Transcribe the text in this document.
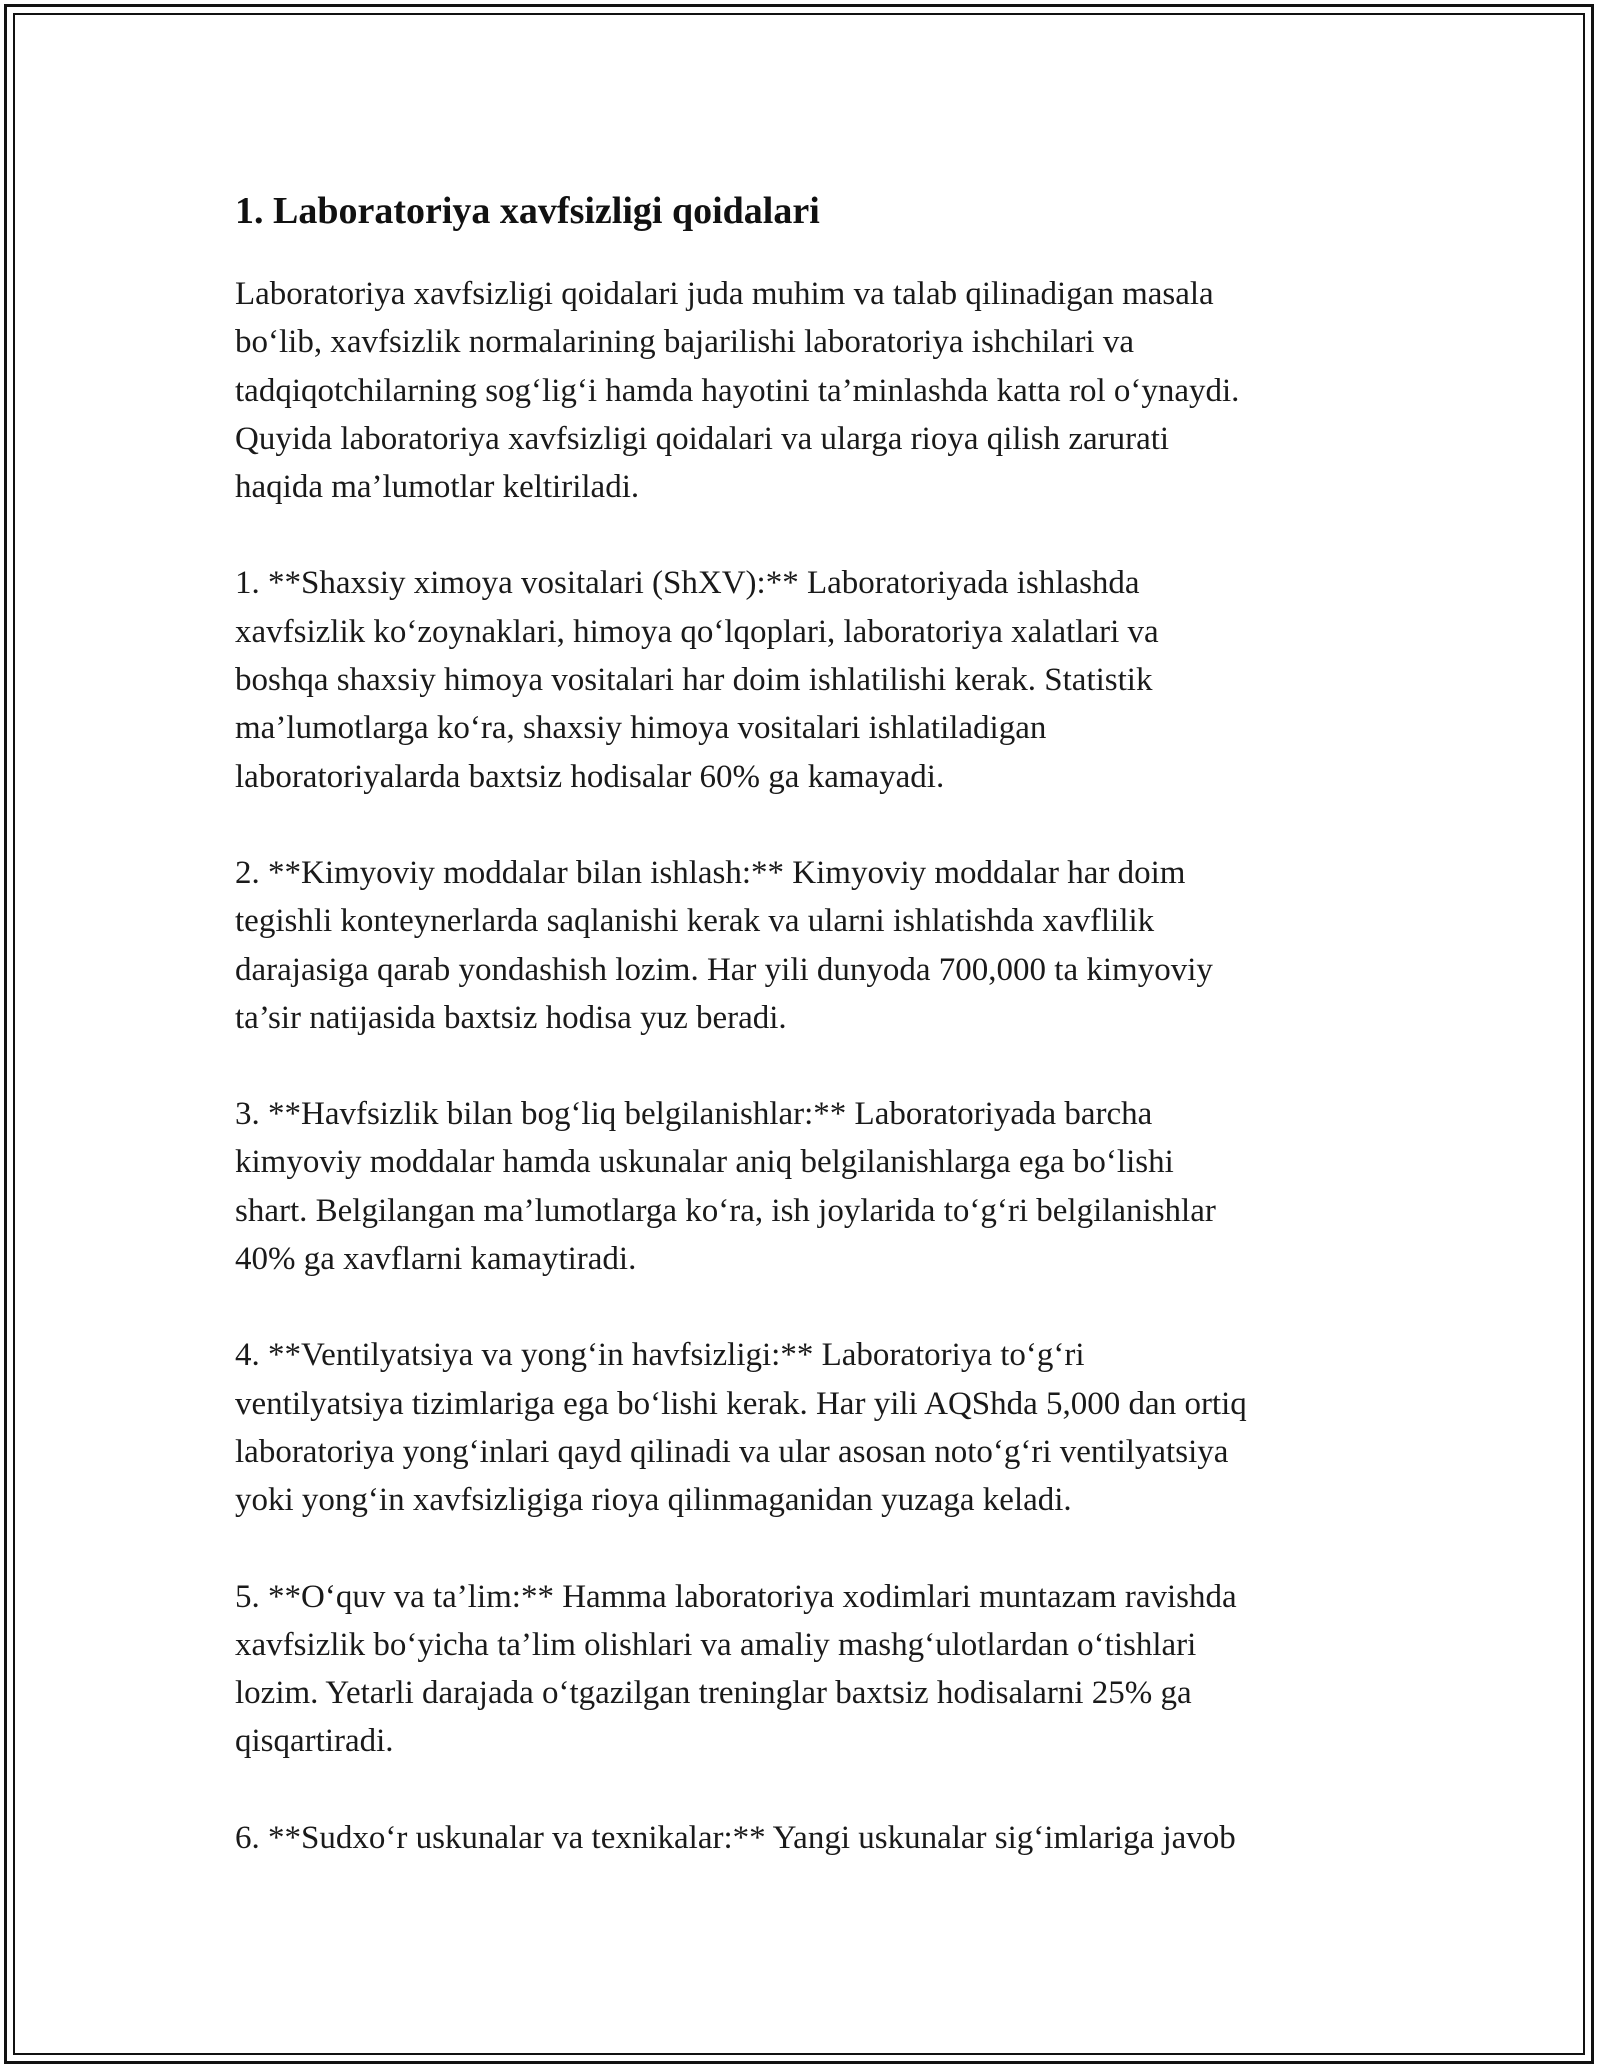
1. Laboratoriya xavfsizligi qoidalari

Laboratoriya xavfsizligi qoidalari juda muhim va talab qilinadigan masala
bo‘lib, xavfsizlik normalarining bajarilishi laboratoriya ishchilari va
tadqiqotchilarning sog‘lig‘i hamda hayotini ta’minlashda katta rol o‘ynaydi.
Quyida laboratoriya xavfsizligi qoidalari va ularga rioya qilish zarurati
haqida ma’lumotlar keltiriladi.

1. **Shaxsiy ximoya vositalari (ShXV):** Laboratoriyada ishlashda
xavfsizlik ko‘zoynaklari, himoya qo‘lqoplari, laboratoriya xalatlari va
boshqa shaxsiy himoya vositalari har doim ishlatilishi kerak. Statistik
ma’lumotlarga ko‘ra, shaxsiy himoya vositalari ishlatiladigan
laboratoriyalarda baxtsiz hodisalar 60% ga kamayadi.

2. **Kimyoviy moddalar bilan ishlash:** Kimyoviy moddalar har doim
tegishli konteynerlarda saqlanishi kerak va ularni ishlatishda xavflilik
darajasiga qarab yondashish lozim. Har yili dunyoda 700,000 ta kimyoviy
ta’sir natijasida baxtsiz hodisa yuz beradi.

3. **Havfsizlik bilan bog‘liq belgilanishlar:** Laboratoriyada barcha
kimyoviy moddalar hamda uskunalar aniq belgilanishlarga ega bo‘lishi
shart. Belgilangan ma’lumotlarga ko‘ra, ish joylarida to‘g‘ri belgilanishlar
40% ga xavflarni kamaytiradi.

4. **Ventilyatsiya va yong‘in havfsizligi:** Laboratoriya to‘g‘ri
ventilyatsiya tizimlariga ega bo‘lishi kerak. Har yili AQShda 5,000 dan ortiq
laboratoriya yong‘inlari qayd qilinadi va ular asosan noto‘g‘ri ventilyatsiya
yoki yong‘in xavfsizligiga rioya qilinmaganidan yuzaga keladi.

5. **O‘quv va ta’lim:** Hamma laboratoriya xodimlari muntazam ravishda
xavfsizlik bo‘yicha ta’lim olishlari va amaliy mashg‘ulotlardan o‘tishlari
lozim. Yetarli darajada o‘tgazilgan treninglar baxtsiz hodisalarni 25% ga
qisqartiradi.

6. **Sudxo‘r uskunalar va texnikalar:** Yangi uskunalar sig‘imlariga javob
